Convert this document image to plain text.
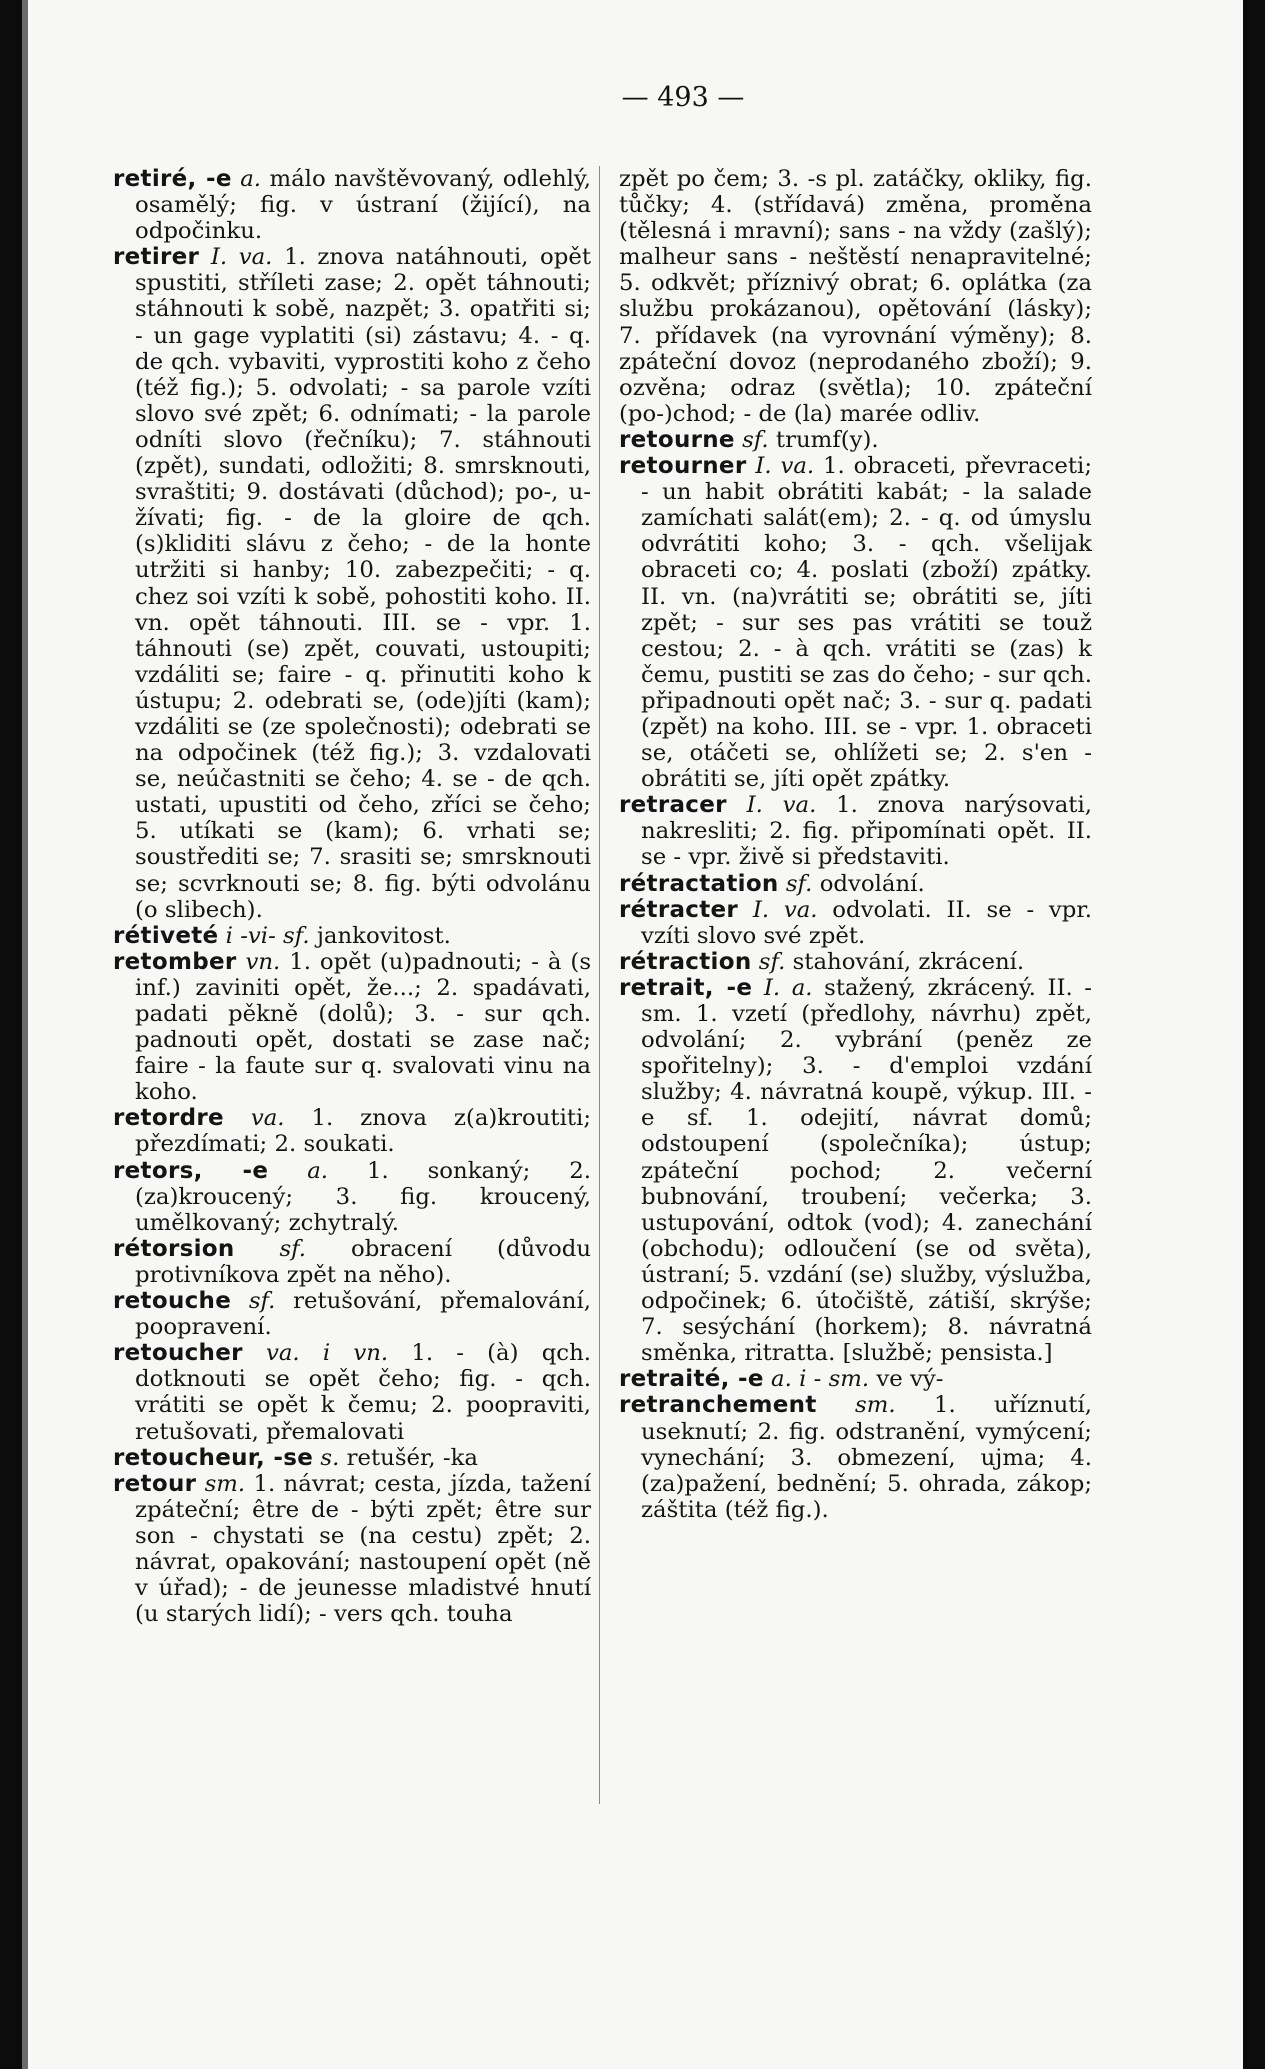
— 493 —

retiré, -e a. málo navštěvovaný, odlehlý, osamělý; fig. v ústraní (žijící), na odpočinku.

retirer I. va. 1. znova natáhnouti, opět spustiti, stříleti zase; 2. opět táhnouti; stáhnouti k sobě, nazpět; 3. opatřiti si; - un gage vyplatiti (si) zástavu; 4. - q. de qch. vybaviti, vyprostiti koho z čeho (též fig.); 5. odvolati; - sa parole vzíti slovo své zpět; 6. odnímati; - la parole odníti slovo (řečníku); 7. stáhnouti (zpět), sundati, odložiti; 8. smrsknouti, svraštiti; 9. dostávati (důchod); po-, u-žívati; fig. - de la gloire de qch. (s)kliditi slávu z čeho; - de la honte utržiti si hanby; 10. zabezpečiti; - q. chez soi vzíti k sobě, pohostiti koho. II. vn. opět táhnouti. III. se - vpr. 1. táhnouti (se) zpět, couvati, ustoupiti; vzdáliti se; faire - q. přinutiti koho k ústupu; 2. odebrati se, (ode)jíti (kam); vzdáliti se (ze společnosti); odebrati se na odpočinek (též fig.); 3. vzdalovati se, neúčastniti se čeho; 4. se - de qch. ustati, upustiti od čeho, zříci se čeho; 5. utíkati se (kam); 6. vrhati se; soustřediti se; 7. srasiti se; smrsknouti se; scvrknouti se; 8. fig. býti odvolánu (o slibech).

rétiveté i -vi- sf. jankovitost.

retomber vn. 1. opět (u)padnouti; - à (s inf.) zaviniti opět, že...; 2. spadávati, padati pěkně (dolů); 3. - sur qch. padnouti opět, dostati se zase nač; faire - la faute sur q. svalovati vinu na koho.

retordre va. 1. znova z(a)kroutiti; přezdímati; 2. soukati.

retors, -e a. 1. sonkaný; 2. (za)kroucený; 3. fig. kroucený, umělkovaný; zchytralý.

rétorsion sf. obracení (důvodu protivníkova zpět na něho).

retouche sf. retušování, přemalování, poopravení.

retoucher va. i vn. 1. - (à) qch. dotknouti se opět čeho; fig. - qch. vrátiti se opět k čemu; 2. poopraviti, retušovati, přemalovati

retoucheur, -se s. retušér, -ka

retour sm. 1. návrat; cesta, jízda, tažení zpáteční; être de - býti zpět; être sur son - chystati se (na cestu) zpět; 2. návrat, opakování; nastoupení opět (ně v úřad); - de jeunesse mladistvé hnutí (u starých lidí); - vers qch. touha

zpět po čem; 3. -s pl. zatáčky, okliky, fig. tůčky; 4. (střídavá) změna, proměna (tělesná i mravní); sans - na vždy (zašlý); malheur sans - neštěstí nenapravitelné; 5. odkvět; příznivý obrat; 6. oplátka (za službu prokázanou), opětování (lásky); 7. přídavek (na vyrovnání výměny); 8. zpáteční dovoz (neprodaného zboží); 9. ozvěna; odraz (světla); 10. zpáteční (po-)chod; - de (la) marée odliv.

retourne sf. trumf(y).

retourner I. va. 1. obraceti, převraceti; - un habit obrátiti kabát; - la salade zamíchati salát(em); 2. - q. od úmyslu odvrátiti koho; 3. - qch. všelijak obraceti co; 4. poslati (zboží) zpátky. II. vn. (na)vrátiti se; obrátiti se, jíti zpět; - sur ses pas vrátiti se touž cestou; 2. - à qch. vrátiti se (zas) k čemu, pustiti se zas do čeho; - sur qch. připadnouti opět nač; 3. - sur q. padati (zpět) na koho. III. se - vpr. 1. obraceti se, otáčeti se, ohlížeti se; 2. s'en - obrátiti se, jíti opět zpátky.

retracer I. va. 1. znova narýsovati, nakresliti; 2. fig. připomínati opět. II. se - vpr. živě si představiti.

rétractation sf. odvolání.

rétracter I. va. odvolati. II. se - vpr. vzíti slovo své zpět.

rétraction sf. stahování, zkrácení.

retrait, -e I. a. stažený, zkrácený. II. - sm. 1. vzetí (předlohy, návrhu) zpět, odvolání; 2. vybrání (peněz ze spořitelny); 3. - d'emploi vzdání služby; 4. návratná koupě, výkup. III. -e sf. 1. odejití, návrat domů; odstoupení (společníka); ústup; zpáteční pochod; 2. večerní bubnování, troubení; večerka; 3. ustupování, odtok (vod); 4. zanechání (obchodu); odloučení (se od světa), ústraní; 5. vzdání (se) služby, výslužba, odpočinek; 6. útočiště, zátiší, skrýše; 7. sesýchání (horkem); 8. návratná směnka, ritratta. [službě; pensista.]

retraité, -e a. i - sm. ve vý-

retranchement sm. 1. uříznutí, useknutí; 2. fig. odstranění, vymýcení; vynechání; 3. obmezení, ujma; 4. (za)pažení, bednění; 5. ohrada, zákop; záštita (též fig.).
